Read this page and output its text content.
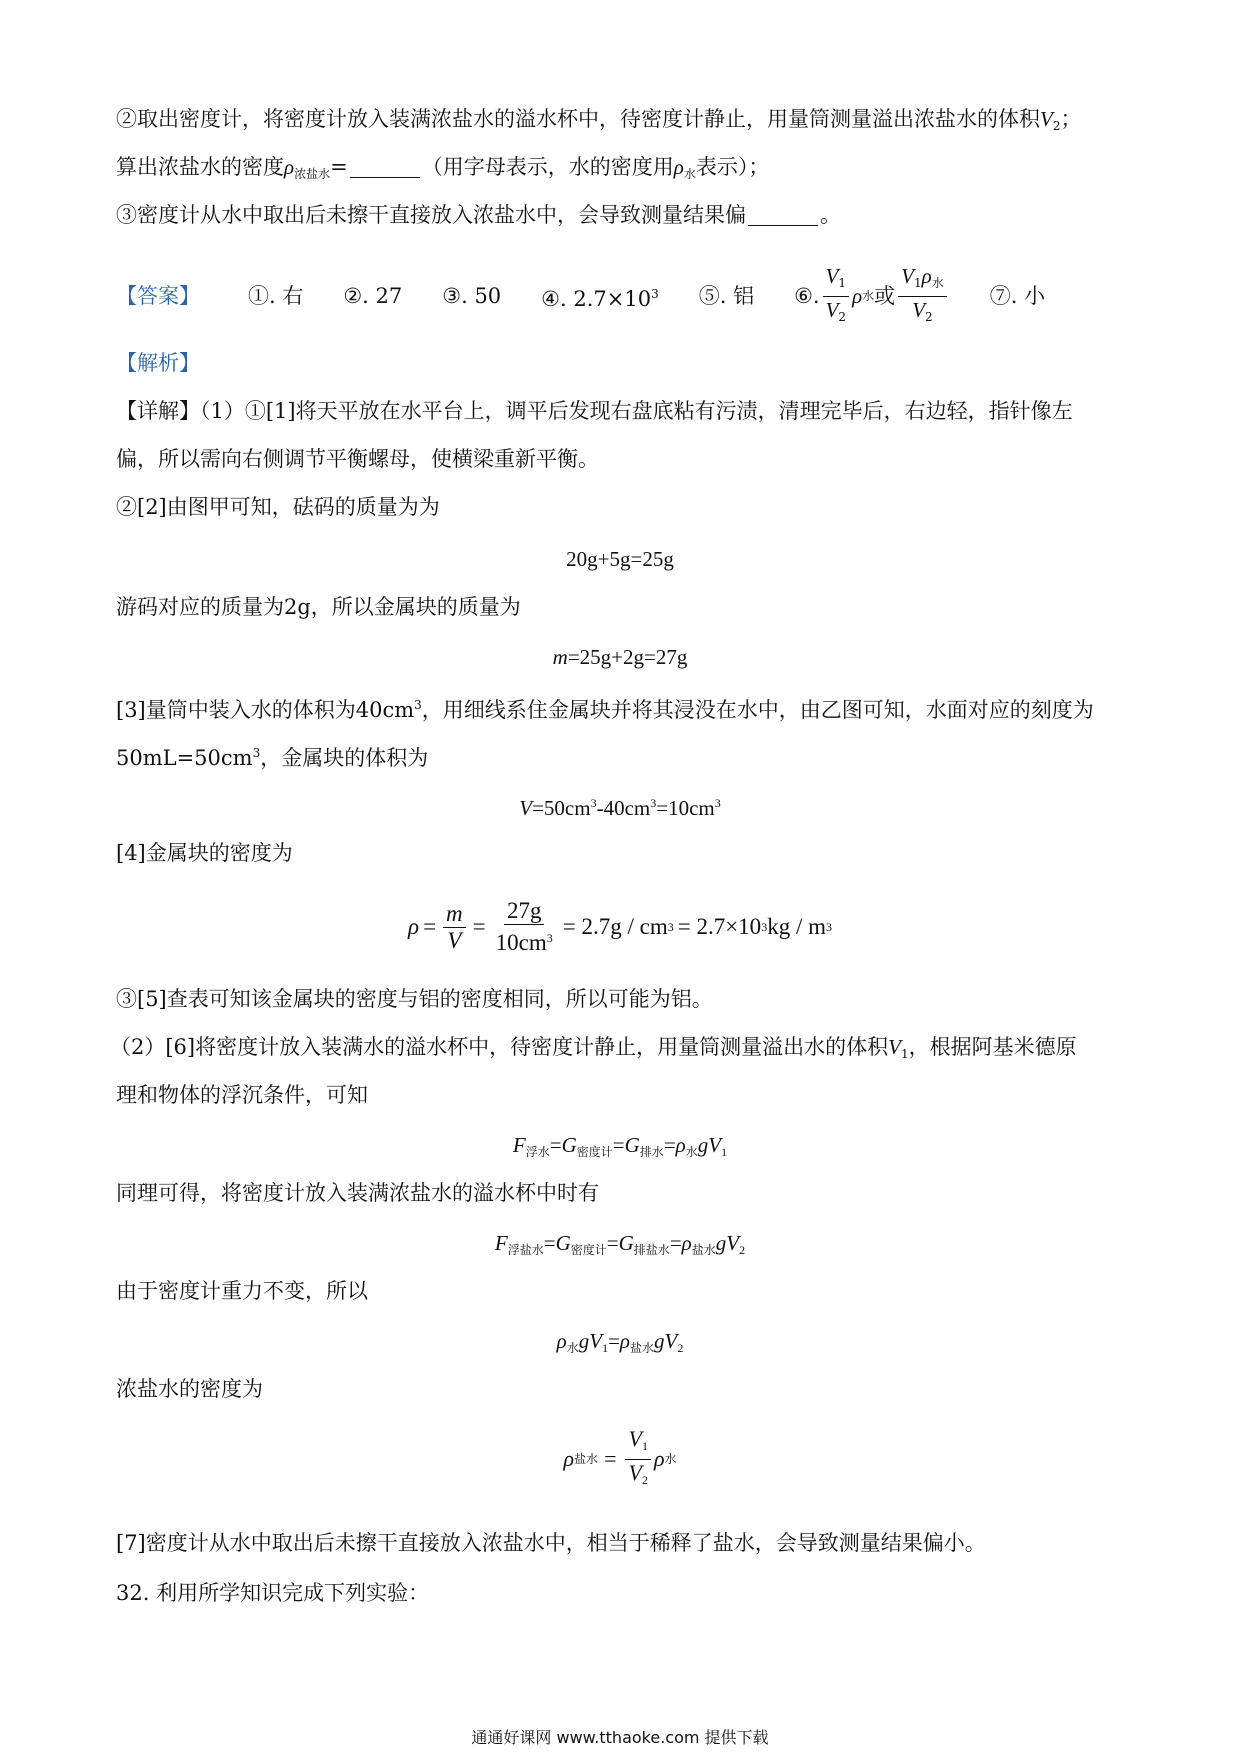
②取出密度计，将密度计放入装满浓盐水的溢水杯中，待密度计静止，用量筒测量溢出浓盐水的体积$V_2$；
算出浓盐水的密度$\rho_{浓盐水}=$	（用字母表示，水的密度用$\rho_水$表示）；
③密度计从水中取出后未擦干直接放入浓盐水中，会导致测量结果偏	。
【答案】 ①. 右 ②. 27 ③. 50 ④. $2.7\times 10^3$ ⑤. 铝 ⑥. $\frac{V_1}{V_2}$ ρ 水 或 $\frac{V_1\rho_水}{V_2}$ ⑦. 小
【解析】
【详解】（1）①[1]将天平放在水平台上，调平后发现右盘底粘有污渍，清理完毕后，右边轻，指针像左
偏，所以需向右侧调节平衡螺母，使横梁重新平衡。
②[2]由图甲可知，砝码的质量为为
20g+5g=25g
游码对应的质量为2g，所以金属块的质量为
m=25g+2g=27g
[3]量筒中装入水的体积为$40cm^3$，用细线系住金属块并将其浸没在水中，由乙图可知，水面对应的刻度为
$50mL=50cm^3$，金属块的体积为
$V=50cm^3-40cm^3=10cm^3$
[4]金属块的密度为
$\rho = \frac{m}{V} = \frac{27g}{10cm^3} = 2.7g$ / cm 3 = 2.7×10 3 kg / m 3
③[5]查表可知该金属块的密度与铝的密度相同，所以可能为铝。
（2）[6]将密度计放入装满水的溢水杯中，待密度计静止，用量筒测量溢出水的体积$V_1$，根据阿基米德原
理和物体的浮沉条件，可知
$F_{浮水}=G_{密度计}=G_{排水}=\rho_水gV_1$
同理可得，将密度计放入装满浓盐水的溢水杯中时有
$F_{浮盐水}=G_{密度计}=G_{排盐水}=\rho_{盐水}gV_2$
由于密度计重力不变，所以
$\rho_水gV_1=\rho_{盐水}gV_2$
浓盐水的密度为
ρ 盐水 = $\frac{V_1}{V_2}$ ρ 水
[7]密度计从水中取出后未擦干直接放入浓盐水中，相当于稀释了盐水，会导致测量结果偏小。
32. 利用所学知识完成下列实验：
通通好课网 www.tthaoke.com 提供下载
